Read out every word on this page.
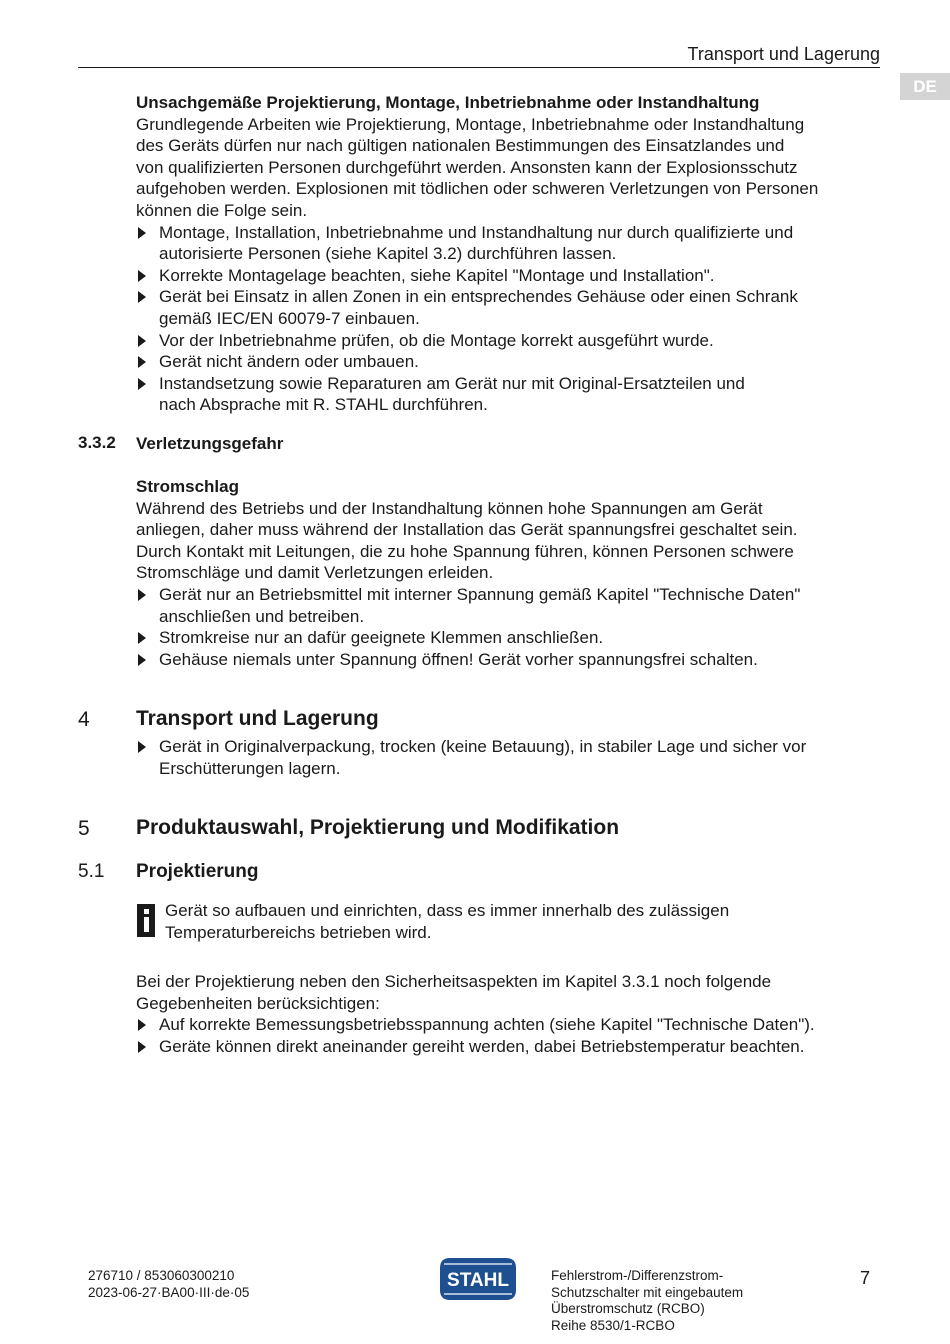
Transport und Lagerung
DE
Unsachgemäße Projektierung, Montage, Inbetriebnahme oder Instandhaltung
Grundlegende Arbeiten wie Projektierung, Montage, Inbetriebnahme oder Instandhaltung
des Geräts dürfen nur nach gültigen nationalen Bestimmungen des Einsatzlandes und
von qualifizierten Personen durchgeführt werden. Ansonsten kann der Explosionsschutz
aufgehoben werden. Explosionen mit tödlichen oder schweren Verletzungen von Personen
können die Folge sein.
Montage, Installation, Inbetriebnahme und Instandhaltung nur durch qualifizierte und
autorisierte Personen (siehe Kapitel 3.2) durchführen lassen.
Korrekte Montagelage beachten, siehe Kapitel "Montage und Installation".
Gerät bei Einsatz in allen Zonen in ein entsprechendes Gehäuse oder einen Schrank
gemäß IEC/EN 60079-7 einbauen.
Vor der Inbetriebnahme prüfen, ob die Montage korrekt ausgeführt wurde.
Gerät nicht ändern oder umbauen.
Instandsetzung sowie Reparaturen am Gerät nur mit Original-Ersatzteilen und
nach Absprache mit R. STAHL durchführen.
3.3.2 Verletzungsgefahr
Stromschlag
Während des Betriebs und der Instandhaltung können hohe Spannungen am Gerät
anliegen, daher muss während der Installation das Gerät spannungsfrei geschaltet sein.
Durch Kontakt mit Leitungen, die zu hohe Spannung führen, können Personen schwere
Stromschläge und damit Verletzungen erleiden.
Gerät nur an Betriebsmittel mit interner Spannung gemäß Kapitel "Technische Daten"
anschließen und betreiben.
Stromkreise nur an dafür geeignete Klemmen anschließen.
Gehäuse niemals unter Spannung öffnen! Gerät vorher spannungsfrei schalten.
4 Transport und Lagerung
Gerät in Originalverpackung, trocken (keine Betauung), in stabiler Lage und sicher vor
Erschütterungen lagern.
5 Produktauswahl, Projektierung und Modifikation
5.1 Projektierung
Gerät so aufbauen und einrichten, dass es immer innerhalb des zulässigen
Temperaturbereichs betrieben wird.
Bei der Projektierung neben den Sicherheitsaspekten im Kapitel 3.3.1 noch folgende
Gegebenheiten berücksichtigen:
Auf korrekte Bemessungsbetriebsspannung achten (siehe Kapitel "Technische Daten").
Geräte können direkt aneinander gereiht werden, dabei Betriebstemperatur beachten.
276710 / 853060300210
2023-06-27·BA00·III·de·05
STAHL	Fehlerstrom-/Differenzstrom-
Schutzschalter mit eingebautem
Überstromschutz (RCBO)
Reihe 8530/1-RCBO
7
